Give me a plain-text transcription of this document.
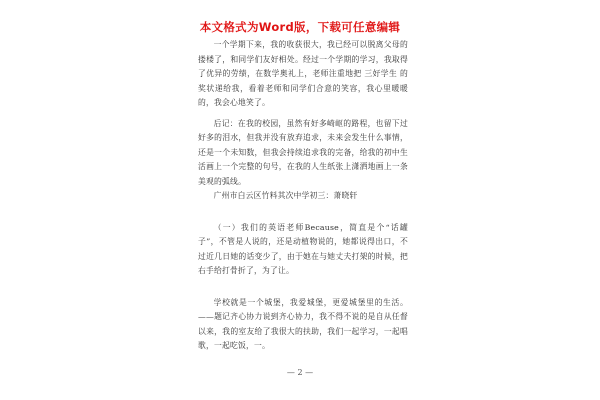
本文格式为Word版，下载可任意编辑

一个学期下来，我的收获很大，我已经可以脱离父母的搂楼了，和同学们友好相处。经过一个学期的学习，我取得了优异的劳绩，在数学奥礼上，老师注重地把 三好学生 的奖状递给我，看着老师和同学们合意的笑容，我心里暖暖的，我会心地笑了。

后记：在我的校园，虽然有好多崎岖的路程，也留下过好多的泪水，但我并没有放弃追求，未来会发生什么事情，还是一个未知数，但我会持续追求我的完备，给我的初中生活画上一个完整的句号，在我的人生纸张上潇洒地画上一条美观的弧线。

广州市白云区竹料其次中学初三：萧晓轩

（一）我们的英语老师Because，简直是个“话罐子”，不管是人说的，还是动植物说的，她都说得出口，不过近几日她的话变少了，由于她在与她丈夫打架的时候，把右手给打骨折了，为了让。

学校就是一个城堡，我爱城堡，更爱城堡里的生活。——题记齐心协力说到齐心协力，我不得不说的是自从任督以来，我的室友给了我很大的扶助，我们一起学习，一起唱歌，一起吃饭，一。

— 2 —
